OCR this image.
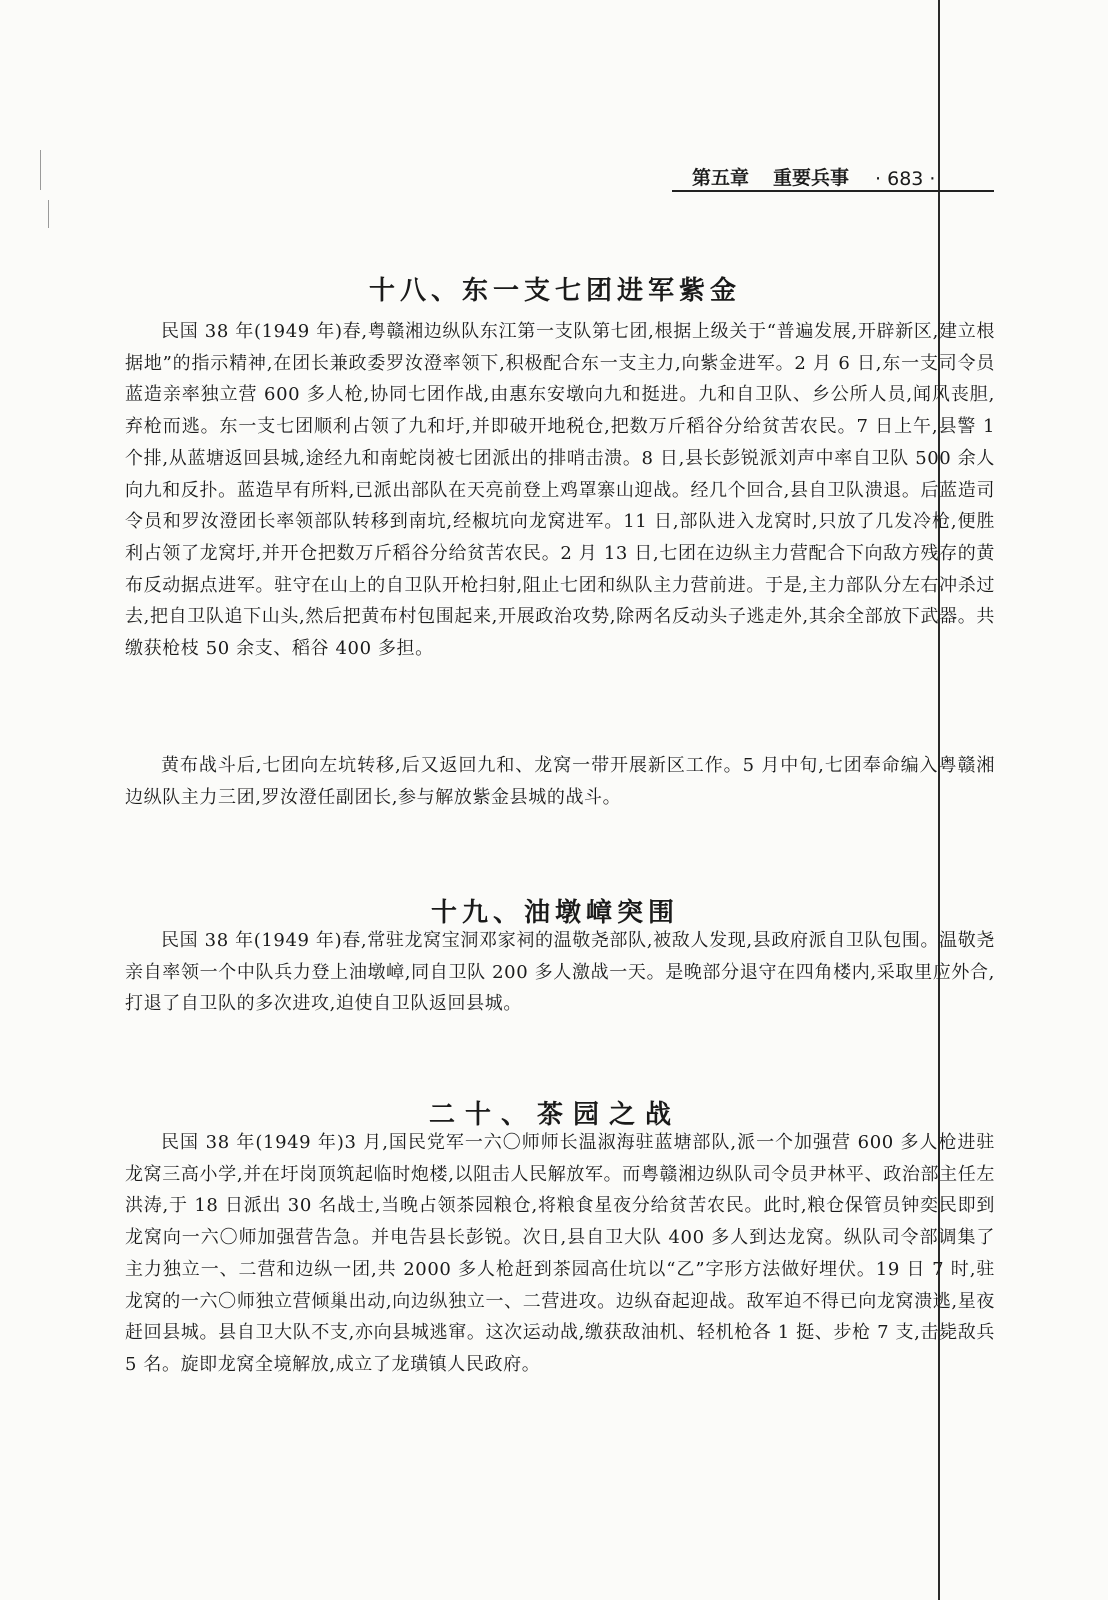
第五章 重要兵事 · 683 ·
十八、东一支七团进军紫金

民国 38 年(1949 年)春,粤赣湘边纵队东江第一支队第七团,根据上级关于“普遍发展,开辟新区,建立根据地”的指示精神,在团长兼政委罗汝澄率领下,积极配合东一支主力,向紫金进军。2 月 6 日,东一支司令员蓝造亲率独立营 600 多人枪,协同七团作战,由惠东安墩向九和挺进。九和自卫队、乡公所人员,闻风丧胆,弃枪而逃。东一支七团顺利占领了九和圩,并即破开地税仓,把数万斤稻谷分给贫苦农民。7 日上午,县警 1 个排,从蓝塘返回县城,途经九和南蛇岗被七团派出的排哨击溃。8 日,县长彭锐派刘声中率自卫队 500 余人向九和反扑。蓝造早有所料,已派出部队在天亮前登上鸡罩寨山迎战。经几个回合,县自卫队溃退。后蓝造司令员和罗汝澄团长率领部队转移到南坑,经椒坑向龙窝进军。11 日,部队进入龙窝时,只放了几发冷枪,便胜利占领了龙窝圩,并开仓把数万斤稻谷分给贫苦农民。2 月 13 日,七团在边纵主力营配合下向敌方残存的黄布反动据点进军。驻守在山上的自卫队开枪扫射,阻止七团和纵队主力营前进。于是,主力部队分左右冲杀过去,把自卫队追下山头,然后把黄布村包围起来,开展政治攻势,除两名反动头子逃走外,其余全部放下武器。共缴获枪枝 50 余支、稻谷 400 多担。

黄布战斗后,七团向左坑转移,后又返回九和、龙窝一带开展新区工作。5 月中旬,七团奉命编入粤赣湘边纵队主力三团,罗汝澄任副团长,参与解放紫金县城的战斗。

十九、油墩嶂突围

民国 38 年(1949 年)春,常驻龙窝宝洞邓家祠的温敬尧部队,被敌人发现,县政府派自卫队包围。温敬尧亲自率领一个中队兵力登上油墩嶂,同自卫队 200 多人激战一天。是晚部分退守在四角楼内,采取里应外合,打退了自卫队的多次进攻,迫使自卫队返回县城。

二十、茶园之战

民国 38 年(1949 年)3 月,国民党军一六〇师师长温淑海驻蓝塘部队,派一个加强营 600 多人枪进驻龙窝三高小学,并在圩岗顶筑起临时炮楼,以阻击人民解放军。而粤赣湘边纵队司令员尹林平、政治部主任左洪涛,于 18 日派出 30 名战士,当晚占领茶园粮仓,将粮食星夜分给贫苦农民。此时,粮仓保管员钟奕民即到龙窝向一六〇师加强营告急。并电告县长彭锐。次日,县自卫大队 400 多人到达龙窝。纵队司令部调集了主力独立一、二营和边纵一团,共 2000 多人枪赶到茶园高仕坑以“乙”字形方法做好埋伏。19 日 7 时,驻龙窝的一六〇师独立营倾巢出动,向边纵独立一、二营进攻。边纵奋起迎战。敌军迫不得已向龙窝溃逃,星夜赶回县城。县自卫大队不支,亦向县城逃窜。这次运动战,缴获敌油机、轻机枪各 1 挺、步枪 7 支,击毙敌兵 5 名。旋即龙窝全境解放,成立了龙璜镇人民政府。
